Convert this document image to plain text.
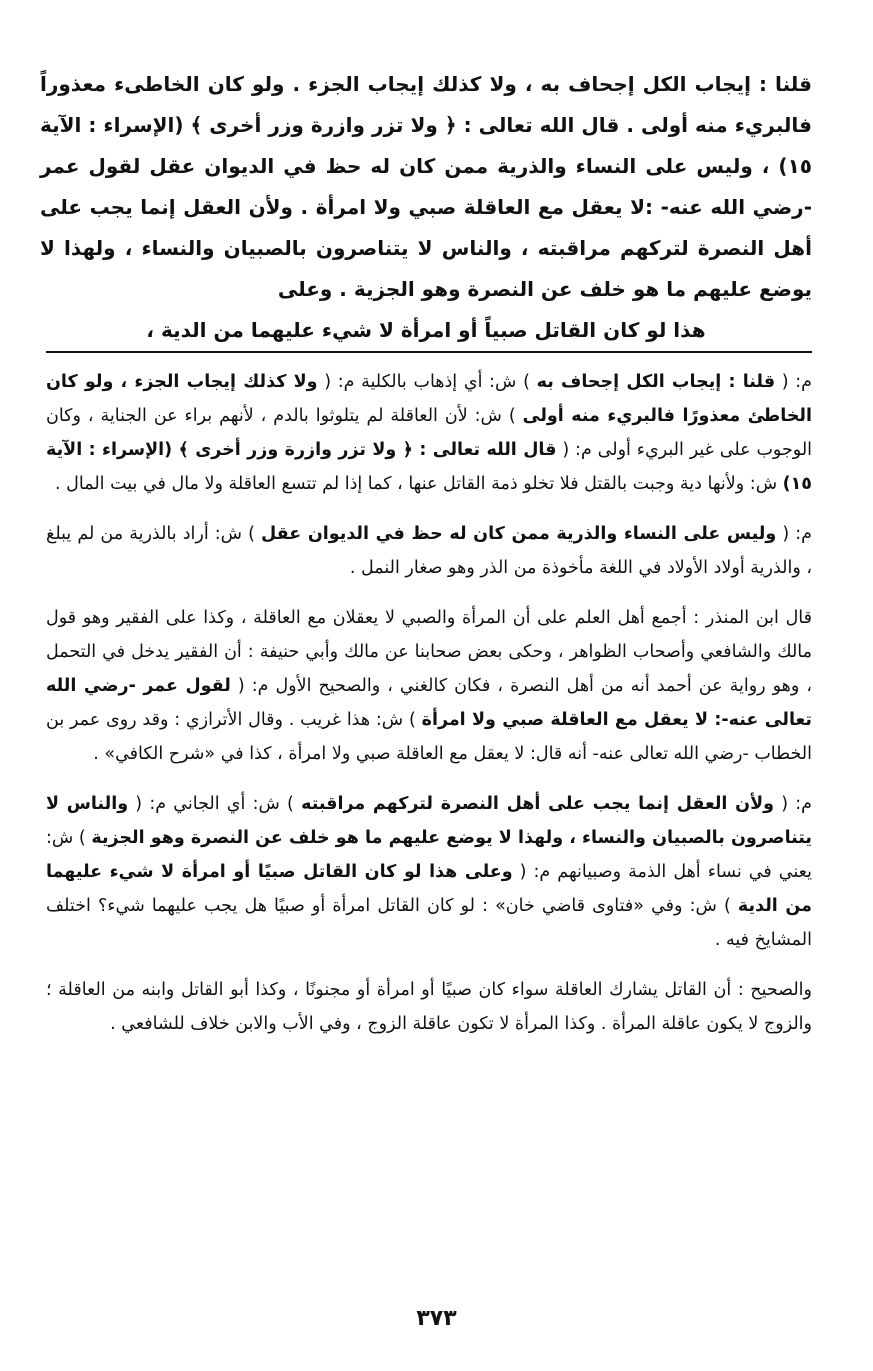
قلنا : إيجاب الكل إجحاف به ، ولا كذلك إيجاب الجزء . ولو كان الخاطىء معذوراً فالبريء منه أولى . قال الله تعالى : ﴿ ولا تزر وازرة وزر أخرى ﴾ (الإسراء : الآية ١٥) ، وليس على النساء والذرية ممن كان له حظ في الديوان عقل لقول عمر -رضي الله عنه- :لا يعقل مع العاقلة صبي ولا امرأة . ولأن العقل إنما يجب على أهل النصرة لتركهم مراقبته ، والناس لا يتناصرون بالصبيان والنساء ، ولهذا لا يوضع عليهم ما هو خلف عن النصرة وهو الجزية . وعلى

هذا لو كان القاتل صبياً أو امرأة لا شيء عليهما من الدية ،

م: ( قلنا : إيجاب الكل إجحاف به ) ش: أي إذهاب بالكلية م: ( ولا كذلك إيجاب الجزء ، ولو كان الخاطئ معذورًا فالبريء منه أولى ) ش: لأن العاقلة لم يتلوثوا بالدم ، لأنهم براء عن الجناية ، وكان الوجوب على غير البريء أولى م: ( قال الله تعالى : ﴿ ولا تزر وازرة وزر أخرى ﴾ (الإسراء : الآية ١٥) ش: ولأنها دية وجبت بالقتل فلا تخلو ذمة القاتل عنها ، كما إذا لم تتسع العاقلة ولا مال في بيت المال .

م: ( وليس على النساء والذرية ممن كان له حظ في الديوان عقل ) ش: أراد بالذرية من لم يبلغ ، والذرية أولاد الأولاد في اللغة مأخوذة من الذر وهو صغار النمل .

قال ابن المنذر : أجمع أهل العلم على أن المرأة والصبي لا يعقلان مع العاقلة ، وكذا على الفقير وهو قول مالك والشافعي وأصحاب الظواهر ، وحكى بعض صحابنا عن مالك وأبي حنيفة : أن الفقير يدخل في التحمل ، وهو رواية عن أحمد أنه من أهل النصرة ، فكان كالغني ، والصحيح الأول م: ( لقول عمر -رضي الله تعالى عنه-: لا يعقل مع العاقلة صبي ولا امرأة ) ش: هذا غريب . وقال الأترازي : وقد روى عمر بن الخطاب -رضي الله تعالى عنه- أنه قال: لا يعقل مع العاقلة صبي ولا امرأة ، كذا في «شرح الكافي» .

م: ( ولأن العقل إنما يجب على أهل النصرة لتركهم مراقبته ) ش: أي الجاني م: ( والناس لا يتناصرون بالصبيان والنساء ، ولهذا لا يوضع عليهم ما هو خلف عن النصرة وهو الجزية ) ش: يعني في نساء أهل الذمة وصبيانهم م: ( وعلى هذا لو كان القاتل صبيًا أو امرأة لا شيء عليهما من الدية ) ش: وفي «فتاوى قاضي خان» : لو كان القاتل امرأة أو صبيًا هل يجب عليهما شيء؟ اختلف المشايخ فيه .

والصحيح : أن القاتل يشارك العاقلة سواء كان صبيًا أو امرأة أو مجنونًا ، وكذا أبو القاتل وابنه من العاقلة ؛ والزوج لا يكون عاقلة المرأة . وكذا المرأة لا تكون عاقلة الزوج ، وفي الأب والابن خلاف للشافعي .

٣٧٣
